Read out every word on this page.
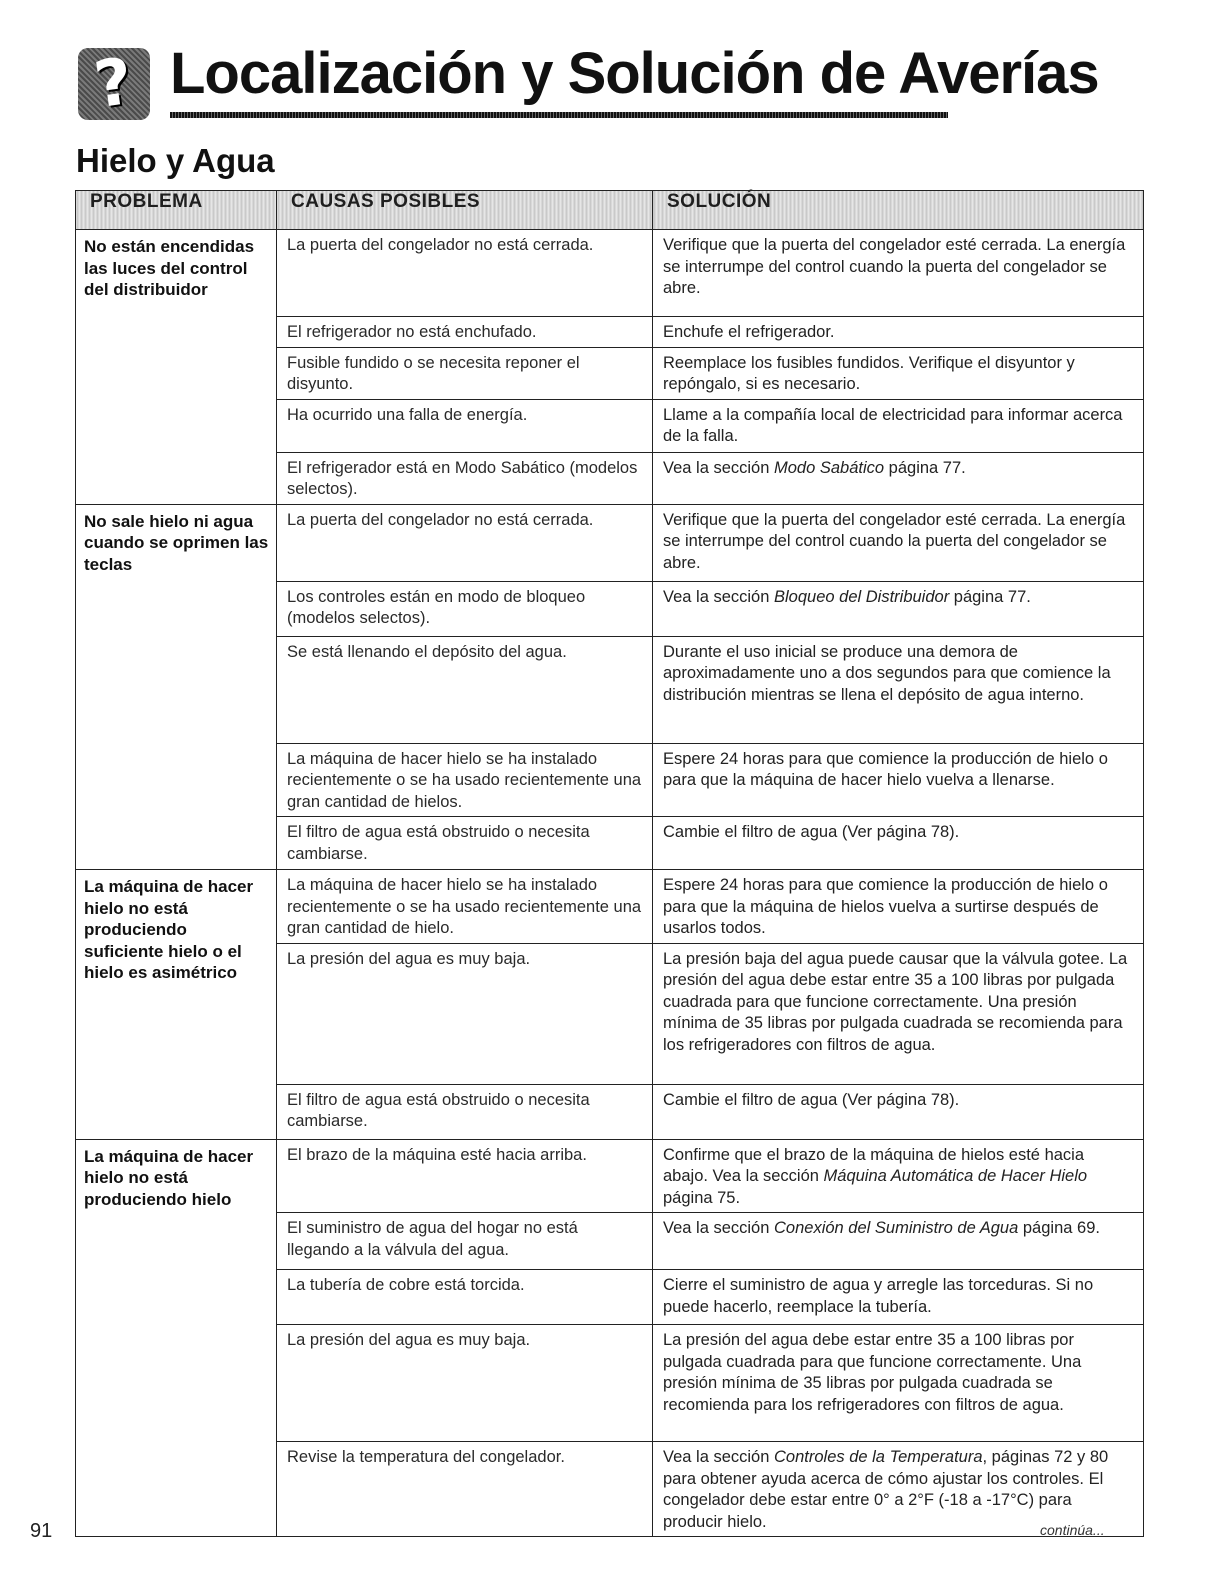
? Localización y Solución de Averías
Hielo y Agua
PROBLEMA	CAUSAS POSIBLES	SOLUCIÓN
No están encendidas las luces del control del distribuidor	La puerta del congelador no está cerrada.	Verifique que la puerta del congelador esté cerrada. La energía se interrumpe del control cuando la puerta del congelador se abre.
	El refrigerador no está enchufado.	Enchufe el refrigerador.
	Fusible fundido o se necesita reponer el disyunto.	Reemplace los fusibles fundidos. Verifique el disyuntor y repóngalo, si es necesario.
	Ha ocurrido una falla de energía.	Llame a la compañía local de electricidad para informar acerca de la falla.
	El refrigerador está en Modo Sabático (modelos selectos).	Vea la sección Modo Sabático página 77.
No sale hielo ni agua cuando se oprimen las teclas	La puerta del congelador no está cerrada.	Verifique que la puerta del congelador esté cerrada. La energía se interrumpe del control cuando la puerta del congelador se abre.
	Los controles están en modo de bloqueo (modelos selectos).	Vea la sección Bloqueo del Distribuidor página 77.
	Se está llenando el depósito del agua.	Durante el uso inicial se produce una demora de aproximadamente uno a dos segundos para que comience la distribución mientras se llena el depósito de agua interno.
	La máquina de hacer hielo se ha instalado recientemente o se ha usado recientemente una gran cantidad de hielos.	Espere 24 horas para que comience la producción de hielo o para que la máquina de hacer hielo vuelva a llenarse.
	El filtro de agua está obstruido o necesita cambiarse.	Cambie el filtro de agua (Ver página 78).
La máquina de hacer hielo no está produciendo suficiente hielo o el hielo es asimétrico	La máquina de hacer hielo se ha instalado recientemente o se ha usado recientemente una gran cantidad de hielo.	Espere 24 horas para que comience la producción de hielo o para que la máquina de hielos vuelva a surtirse después de usarlos todos.
	La presión del agua es muy baja.	La presión baja del agua puede causar que la válvula gotee. La presión del agua debe estar entre 35 a 100 libras por pulgada cuadrada para que funcione correctamente. Una presión mínima de 35 libras por pulgada cuadrada se recomienda para los refrigeradores con filtros de agua.
	El filtro de agua está obstruido o necesita cambiarse.	Cambie el filtro de agua (Ver página 78).
La máquina de hacer hielo no está produciendo hielo	El brazo de la máquina esté hacia arriba.	Confirme que el brazo de la máquina de hielos esté hacia abajo. Vea la sección Máquina Automática de Hacer Hielo página 75.
	El suministro de agua del hogar no está llegando a la válvula del agua.	Vea la sección Conexión del Suministro de Agua página 69.
	La tubería de cobre está torcida.	Cierre el suministro de agua y arregle las torceduras. Si no puede hacerlo, reemplace la tubería.
	La presión del agua es muy baja.	La presión del agua debe estar entre 35 a 100 libras por pulgada cuadrada para que funcione correctamente. Una presión mínima de 35 libras por pulgada cuadrada se recomienda para los refrigeradores con filtros de agua.
	Revise la temperatura del congelador.	Vea la sección Controles de la Temperatura, páginas 72 y 80 para obtener ayuda acerca de cómo ajustar los controles. El congelador debe estar entre 0° a 2°F (-18 a -17°C) para producir hielo.
91	continúa...
